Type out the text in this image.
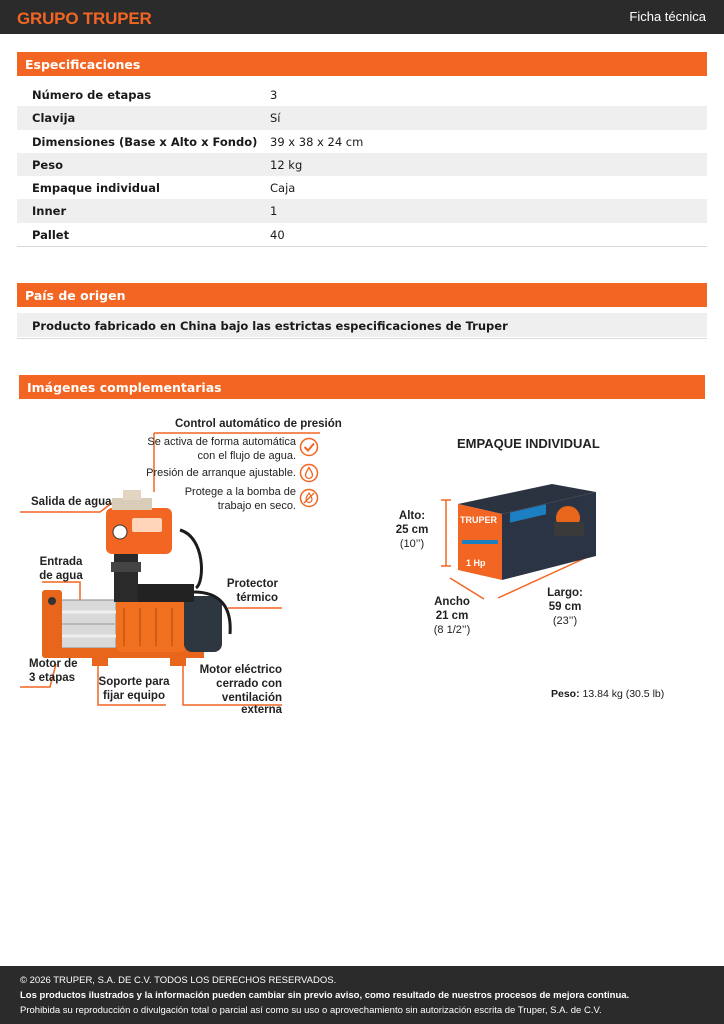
GRUPO TRUPER	Ficha técnica
Especificaciones
Número de etapas	3
Clavija	Sí
Dimensiones (Base x Alto x Fondo) 39 x 38 x 24 cm
Peso	12 kg
Empaque individual	Caja
Inner	1
Pallet	40
País de origen
Producto fabricado en China bajo las estrictas especificaciones de Truper
Imágenes complementarias
Control automático de presión
Se activa de forma automática
con el flujo de agua.
Presión de arranque ajustable.
Protege a la bomba de
trabajo en seco.
Salida de agua
Entrada
de agua
Protector
térmico
Motor de
3 etapas Soporte para
fijar equipo
Motor eléctrico
cerrado con
ventilación externa
EMPAQUE INDIVIDUAL
TRUPER
1 Hp
Alto:
25 cm
(10’’)
Ancho
21 cm
(8 1/2’’)
Largo:
59 cm
(23’’)
Peso: 13.84 kg (30.5 lb)

© 2026 TRUPER, S.A. DE C.V. TODOS LOS DERECHOS RESERVADOS.

Los productos ilustrados y la información pueden cambiar sin previo aviso, como resultado de nuestros procesos de mejora continua.

Prohibida su reproducción o divulgación total o parcial así como su uso o aprovechamiento sin autorización escrita de Truper, S.A. de C.V.
